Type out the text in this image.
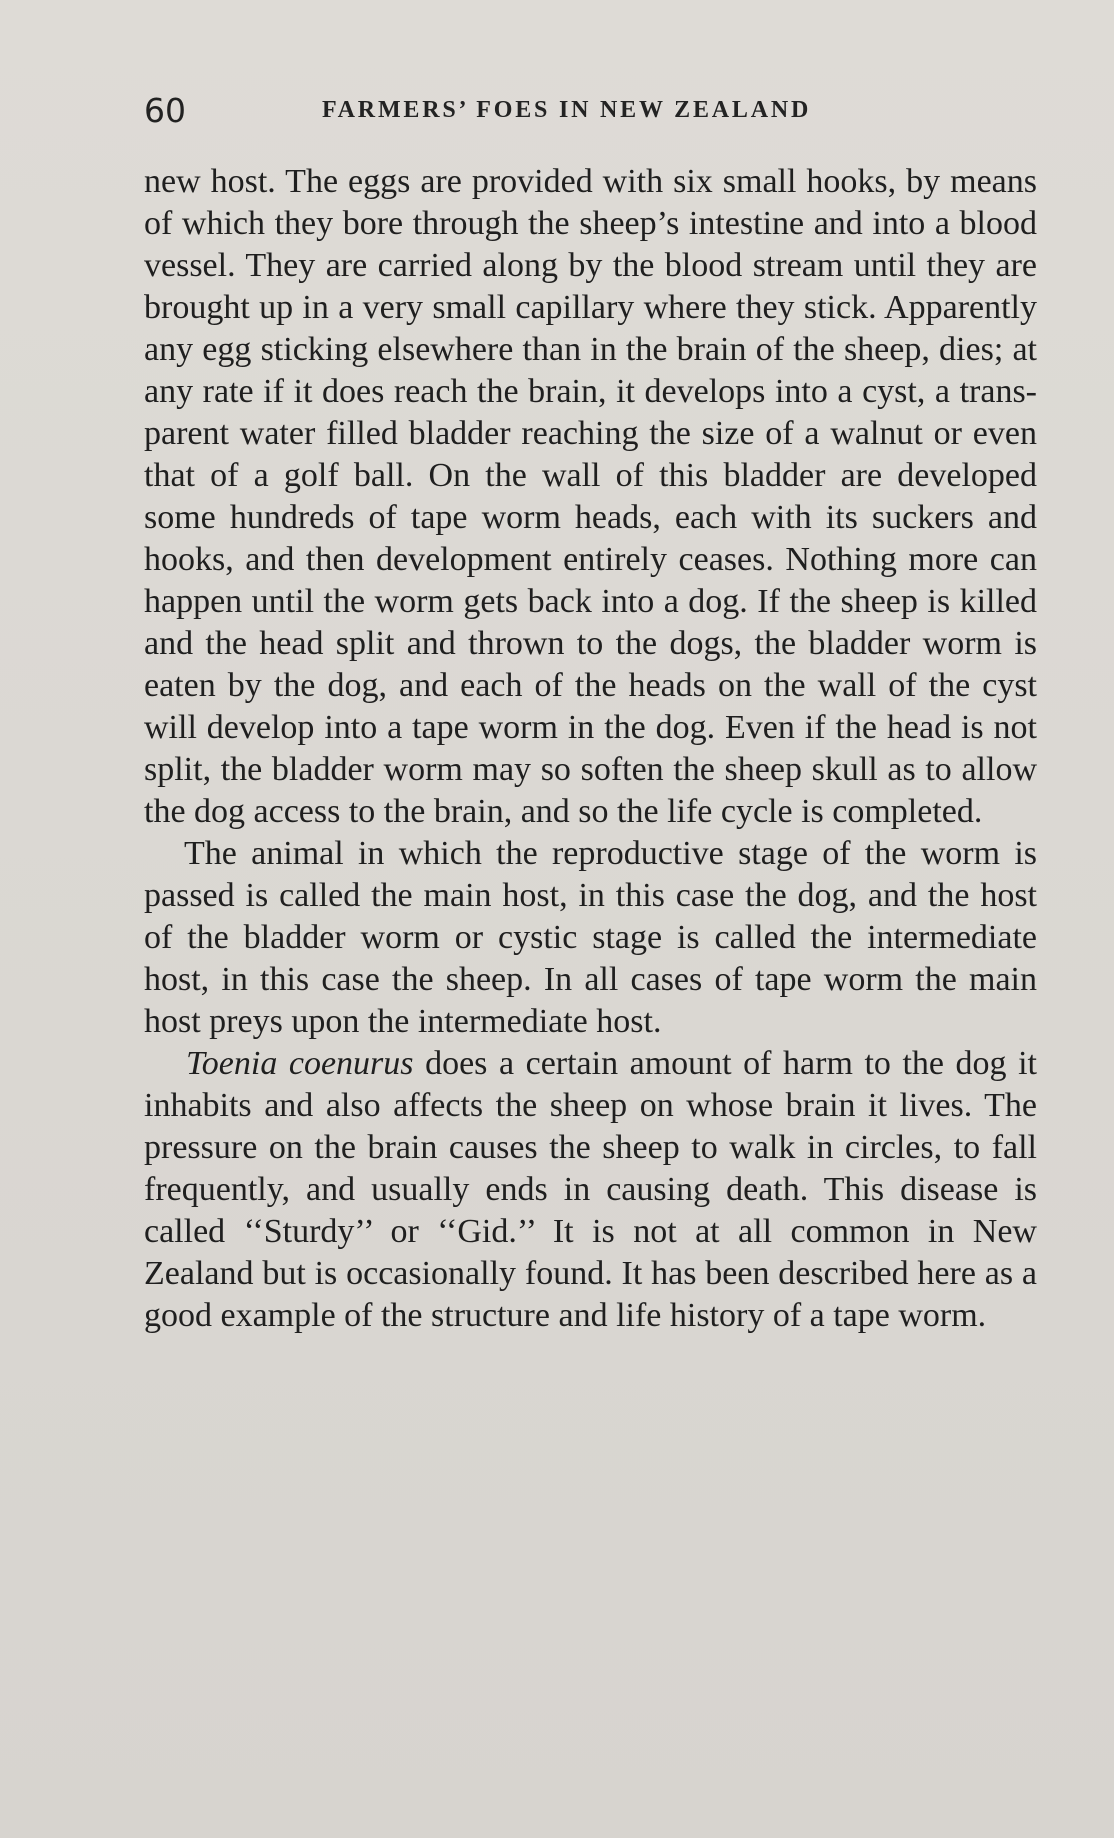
60	FARMERS’ FOES IN NEW ZEALAND

new host. The eggs are provided with six small hooks, by means of which they bore through the sheep’s intestine and into a blood vessel. They are carried along by the blood stream until they are brought up in a very small capillary where they stick. Apparently any egg sticking elsewhere than in the brain of the sheep, dies; at any rate if it does reach the brain, it develops into a cyst, a trans-parent water filled bladder reaching the size of a walnut or even that of a golf ball. On the wall of this bladder are developed some hundreds of tape worm heads, each with its suckers and hooks, and then development entirely ceases. Nothing more can happen until the worm gets back into a dog. If the sheep is killed and the head split and thrown to the dogs, the bladder worm is eaten by the dog, and each of the heads on the wall of the cyst will develop into a tape worm in the dog. Even if the head is not split, the bladder worm may so soften the sheep skull as to allow the dog access to the brain, and so the life cycle is completed.

The animal in which the reproductive stage of the worm is passed is called the main host, in this case the dog, and the host of the bladder worm or cystic stage is called the intermediate host, in this case the sheep. In all cases of tape worm the main host preys upon the intermediate host.

Toenia coenurus does a certain amount of harm to the dog it inhabits and also affects the sheep on whose brain it lives. The pressure on the brain causes the sheep to walk in circles, to fall frequently, and usually ends in causing death. This disease is called ‘‘Sturdy’’ or ‘‘Gid.’’ It is not at all common in New Zealand but is occasionally found. It has been described here as a good example of the structure and life history of a tape worm.
